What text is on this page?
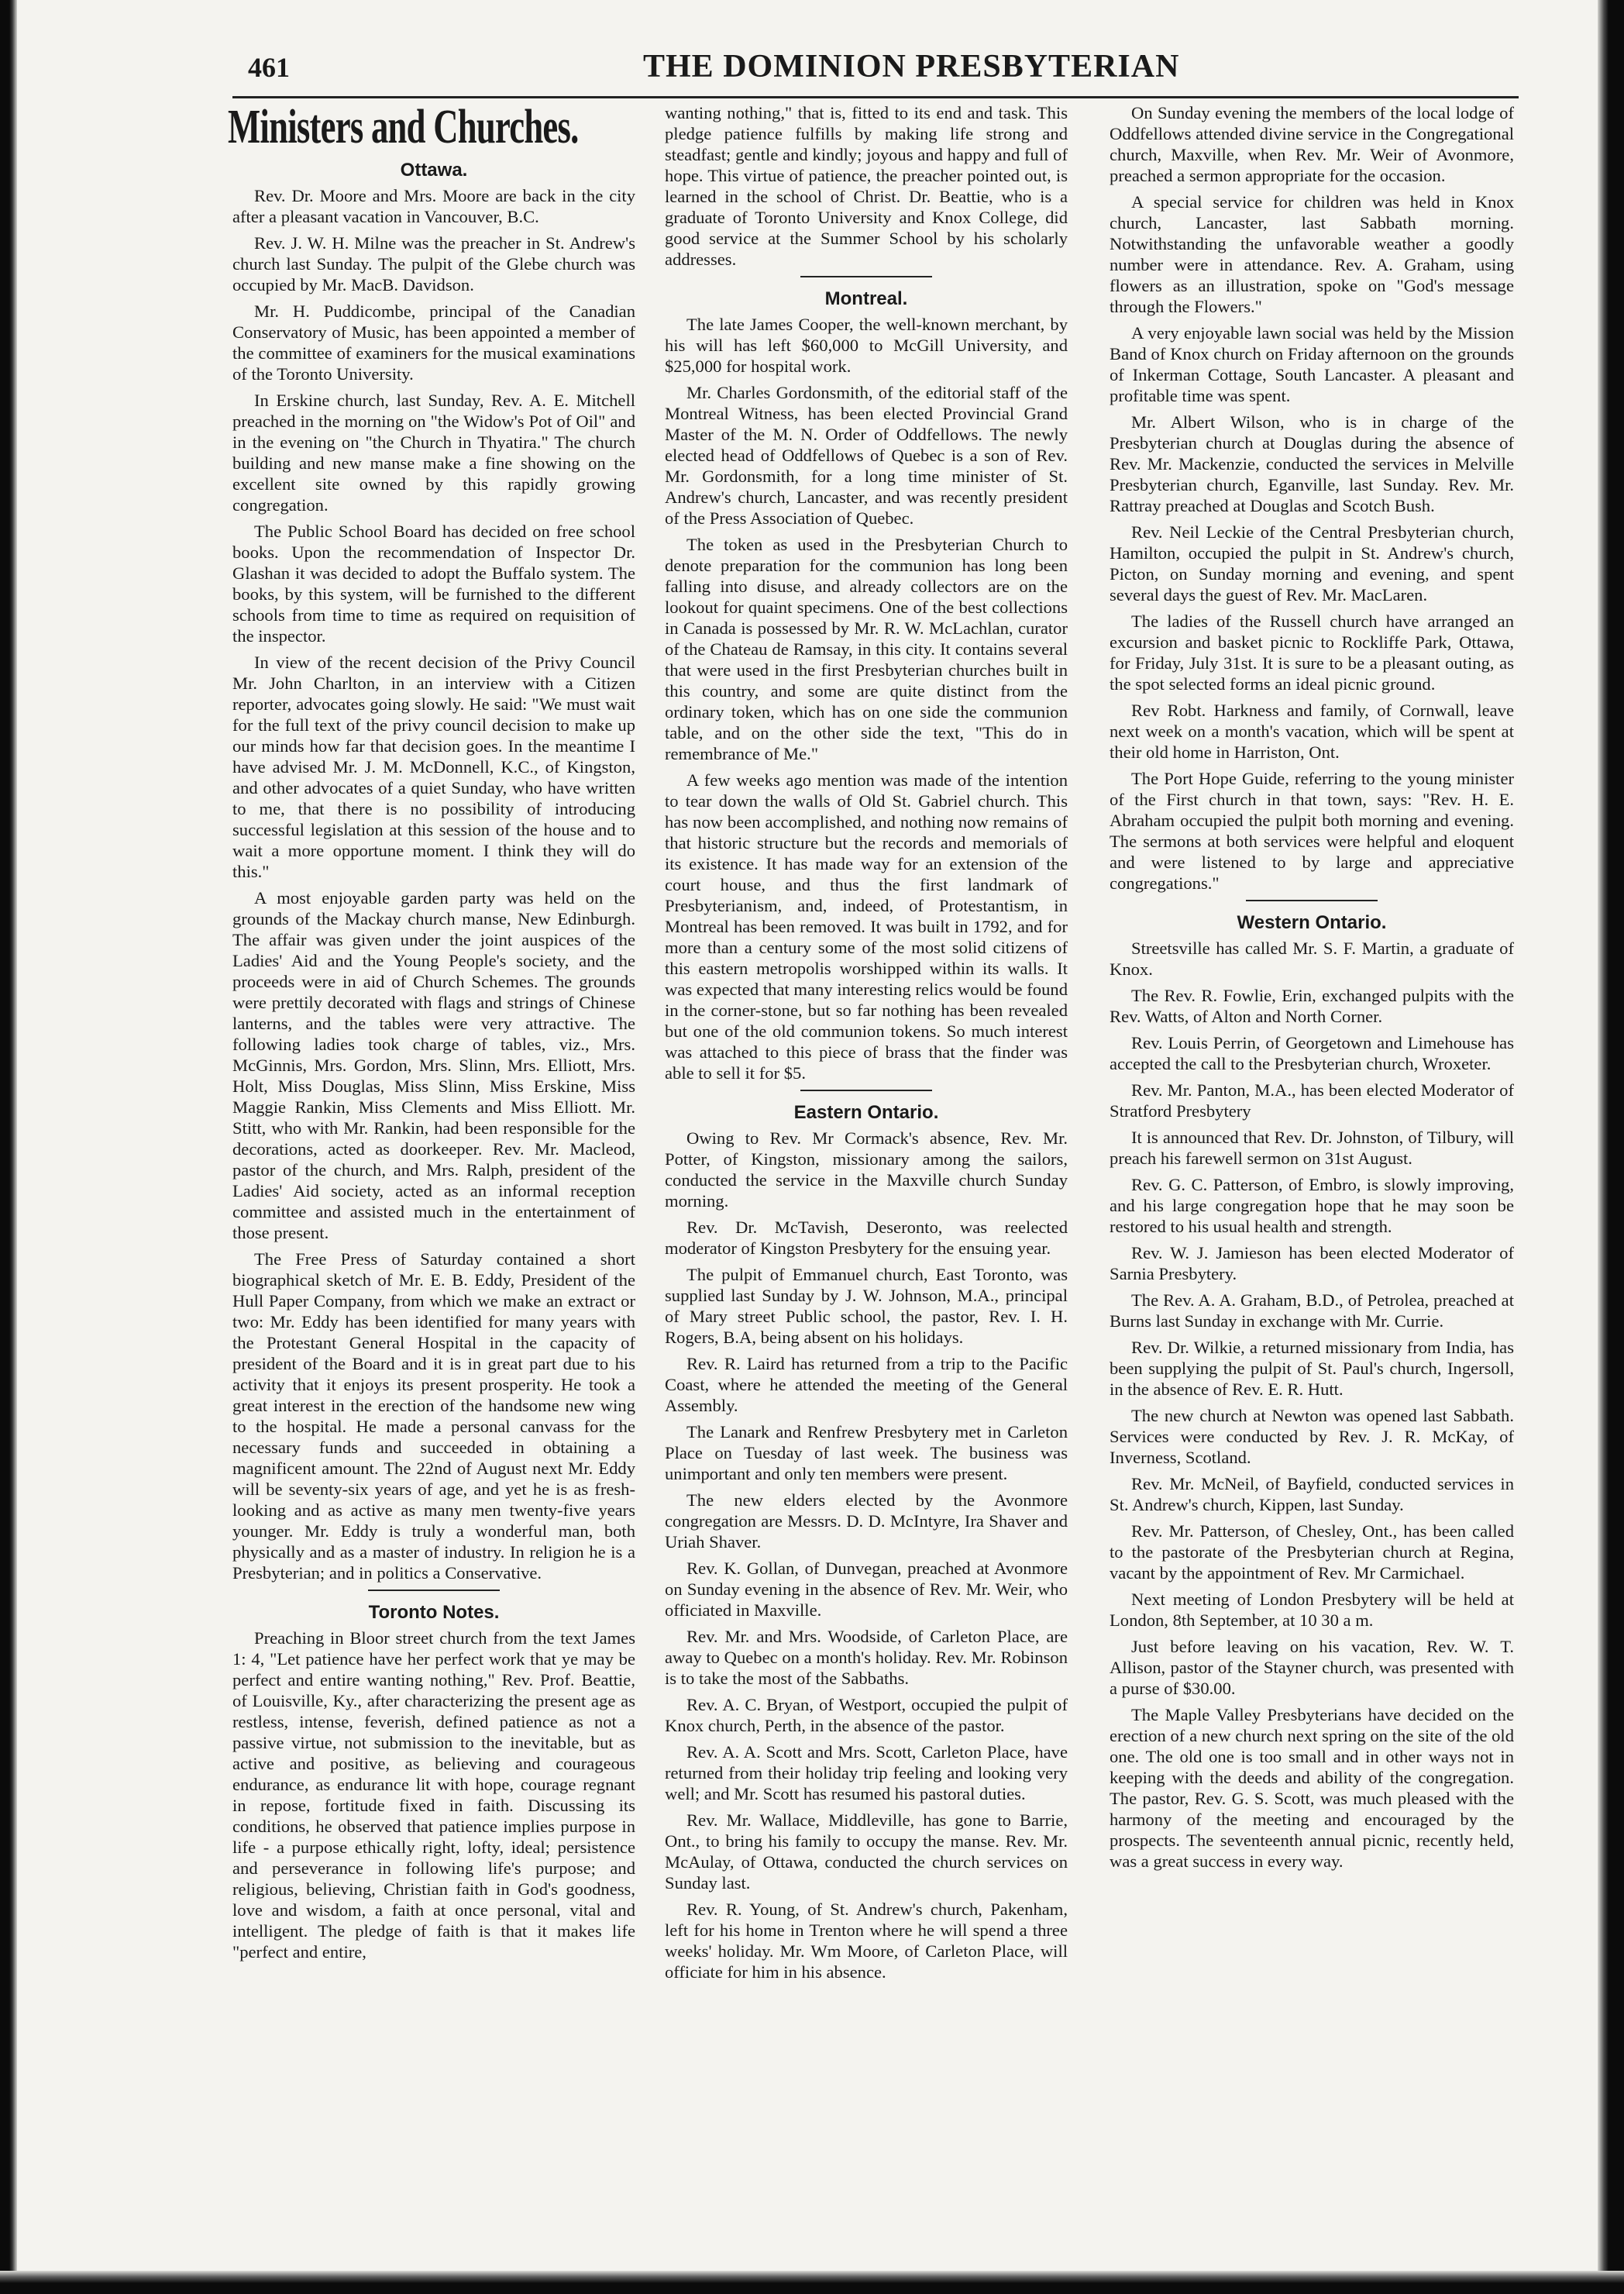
461	THE DOMINION PRESBYTERIAN
Ministers and Churches.
Ottawa.

Rev. Dr. Moore and Mrs. Moore are back in the city after a pleasant vacation in Vancouver, B.C.

Rev. J. W. H. Milne was the preacher in St. Andrew's church last Sunday. The pulpit of the Glebe church was occupied by Mr. MacB. Davidson.

Mr. H. Puddicombe, principal of the Canadian Conservatory of Music, has been appointed a member of the committee of examiners for the musical examinations of the Toronto University.

In Erskine church, last Sunday, Rev. A. E. Mitchell preached in the morning on "the Widow's Pot of Oil" and in the evening on "the Church in Thyatira." The church building and new manse make a fine showing on the excellent site owned by this rapidly growing congregation.

The Public School Board has decided on free school books. Upon the recommendation of Inspector Dr. Glashan it was decided to adopt the Buffalo system. The books, by this system, will be furnished to the different schools from time to time as required on requisition of the inspector.

In view of the recent decision of the Privy Council Mr. John Charlton, in an interview with a Citizen reporter, advocates going slowly. He said: "We must wait for the full text of the privy council decision to make up our minds how far that decision goes. In the meantime I have advised Mr. J. M. McDonnell, K.C., of Kingston, and other advocates of a quiet Sunday, who have written to me, that there is no possibility of introducing successful legislation at this session of the house and to wait a more opportune moment. I think they will do this."

A most enjoyable garden party was held on the grounds of the Mackay church manse, New Edinburgh. The affair was given under the joint auspices of the Ladies' Aid and the Young People's society, and the proceeds were in aid of Church Schemes. The grounds were prettily decorated with flags and strings of Chinese lanterns, and the tables were very attractive. The following ladies took charge of tables, viz., Mrs. McGinnis, Mrs. Gordon, Mrs. Slinn, Mrs. Elliott, Mrs. Holt, Miss Douglas, Miss Slinn, Miss Erskine, Miss Maggie Rankin, Miss Clements and Miss Elliott. Mr. Stitt, who with Mr. Rankin, had been responsible for the decorations, acted as doorkeeper. Rev. Mr. Macleod, pastor of the church, and Mrs. Ralph, president of the Ladies' Aid society, acted as an informal reception committee and assisted much in the entertainment of those present.

The Free Press of Saturday contained a short biographical sketch of Mr. E. B. Eddy, President of the Hull Paper Company, from which we make an extract or two: Mr. Eddy has been identified for many years with the Protestant General Hospital in the capacity of president of the Board and it is in great part due to his activity that it enjoys its present prosperity. He took a great interest in the erection of the handsome new wing to the hospital. He made a personal canvass for the necessary funds and succeeded in obtaining a magnificent amount. The 22nd of August next Mr. Eddy will be seventy-six years of age, and yet he is as fresh-looking and as active as many men twenty-five years younger. Mr. Eddy is truly a wonderful man, both physically and as a master of industry. In religion he is a Presbyterian; and in politics a Conservative.

Toronto Notes.

Preaching in Bloor street church from the text James 1: 4, "Let patience have her perfect work that ye may be perfect and entire wanting nothing," Rev. Prof. Beattie, of Louisville, Ky., after characterizing the present age as restless, intense, feverish, defined patience as not a passive virtue, not submission to the inevitable, but as active and positive, as believing and courageous endurance, as endurance lit with hope, courage regnant in repose, fortitude fixed in faith. Discussing its conditions, he observed that patience implies purpose in life - a purpose ethically right, lofty, ideal; persistence and perseverance in following life's purpose; and religious, believing, Christian faith in God's goodness, love and wisdom, a faith at once personal, vital and intelligent. The pledge of faith is that it makes life "perfect and entire,

wanting nothing," that is, fitted to its end and task. This pledge patience fulfills by making life strong and steadfast; gentle and kindly; joyous and happy and full of hope. This virtue of patience, the preacher pointed out, is learned in the school of Christ. Dr. Beattie, who is a graduate of Toronto University and Knox College, did good service at the Summer School by his scholarly addresses.

Montreal.

The late James Cooper, the well-known merchant, by his will has left $60,000 to McGill University, and $25,000 for hospital work.

Mr. Charles Gordonsmith, of the editorial staff of the Montreal Witness, has been elected Provincial Grand Master of the M. N. Order of Oddfellows. The newly elected head of Oddfellows of Quebec is a son of Rev. Mr. Gordonsmith, for a long time minister of St. Andrew's church, Lancaster, and was recently president of the Press Association of Quebec.

The token as used in the Presbyterian Church to denote preparation for the communion has long been falling into disuse, and already collectors are on the lookout for quaint specimens. One of the best collections in Canada is possessed by Mr. R. W. McLachlan, curator of the Chateau de Ramsay, in this city. It contains several that were used in the first Presbyterian churches built in this country, and some are quite distinct from the ordinary token, which has on one side the communion table, and on the other side the text, "This do in remembrance of Me."

A few weeks ago mention was made of the intention to tear down the walls of Old St. Gabriel church. This has now been accomplished, and nothing now remains of that historic structure but the records and memorials of its existence. It has made way for an extension of the court house, and thus the first landmark of Presbyterianism, and, indeed, of Protestantism, in Montreal has been removed. It was built in 1792, and for more than a century some of the most solid citizens of this eastern metropolis worshipped within its walls. It was expected that many interesting relics would be found in the corner-stone, but so far nothing has been revealed but one of the old communion tokens. So much interest was attached to this piece of brass that the finder was able to sell it for $5.

Eastern Ontario.

Owing to Rev. Mr Cormack's absence, Rev. Mr. Potter, of Kingston, missionary among the sailors, conducted the service in the Maxville church Sunday morning.

Rev. Dr. McTavish, Deseronto, was reelected moderator of Kingston Presbytery for the ensuing year.

The pulpit of Emmanuel church, East Toronto, was supplied last Sunday by J. W. Johnson, M.A., principal of Mary street Public school, the pastor, Rev. I. H. Rogers, B.A, being absent on his holidays.

Rev. R. Laird has returned from a trip to the Pacific Coast, where he attended the meeting of the General Assembly.

The Lanark and Renfrew Presbytery met in Carleton Place on Tuesday of last week. The business was unimportant and only ten members were present.

The new elders elected by the Avonmore congregation are Messrs. D. D. McIntyre, Ira Shaver and Uriah Shaver.

Rev. K. Gollan, of Dunvegan, preached at Avonmore on Sunday evening in the absence of Rev. Mr. Weir, who officiated in Maxville.

Rev. Mr. and Mrs. Woodside, of Carleton Place, are away to Quebec on a month's holiday. Rev. Mr. Robinson is to take the most of the Sabbaths.

Rev. A. C. Bryan, of Westport, occupied the pulpit of Knox church, Perth, in the absence of the pastor.

Rev. A. A. Scott and Mrs. Scott, Carleton Place, have returned from their holiday trip feeling and looking very well; and Mr. Scott has resumed his pastoral duties.

Rev. Mr. Wallace, Middleville, has gone to Barrie, Ont., to bring his family to occupy the manse. Rev. Mr. McAulay, of Ottawa, conducted the church services on Sunday last.

Rev. R. Young, of St. Andrew's church, Pakenham, left for his home in Trenton where he will spend a three weeks' holiday. Mr. Wm Moore, of Carleton Place, will officiate for him in his absence.

On Sunday evening the members of the local lodge of Oddfellows attended divine service in the Congregational church, Maxville, when Rev. Mr. Weir of Avonmore, preached a sermon appropriate for the occasion.

A special service for children was held in Knox church, Lancaster, last Sabbath morning. Notwithstanding the unfavorable weather a goodly number were in attendance. Rev. A. Graham, using flowers as an illustration, spoke on "God's message through the Flowers."

A very enjoyable lawn social was held by the Mission Band of Knox church on Friday afternoon on the grounds of Inkerman Cottage, South Lancaster. A pleasant and profitable time was spent.

Mr. Albert Wilson, who is in charge of the Presbyterian church at Douglas during the absence of Rev. Mr. Mackenzie, conducted the services in Melville Presbyterian church, Eganville, last Sunday. Rev. Mr. Rattray preached at Douglas and Scotch Bush.

Rev. Neil Leckie of the Central Presbyterian church, Hamilton, occupied the pulpit in St. Andrew's church, Picton, on Sunday morning and evening, and spent several days the guest of Rev. Mr. MacLaren.

The ladies of the Russell church have arranged an excursion and basket picnic to Rockliffe Park, Ottawa, for Friday, July 31st. It is sure to be a pleasant outing, as the spot selected forms an ideal picnic ground.

Rev Robt. Harkness and family, of Cornwall, leave next week on a month's vacation, which will be spent at their old home in Harriston, Ont.

The Port Hope Guide, referring to the young minister of the First church in that town, says: "Rev. H. E. Abraham occupied the pulpit both morning and evening. The sermons at both services were helpful and eloquent and were listened to by large and appreciative congregations."

Western Ontario.

Streetsville has called Mr. S. F. Martin, a graduate of Knox.

The Rev. R. Fowlie, Erin, exchanged pulpits with the Rev. Watts, of Alton and North Corner.

Rev. Louis Perrin, of Georgetown and Limehouse has accepted the call to the Presbyterian church, Wroxeter.

Rev. Mr. Panton, M.A., has been elected Moderator of Stratford Presbytery

It is announced that Rev. Dr. Johnston, of Tilbury, will preach his farewell sermon on 31st August.

Rev. G. C. Patterson, of Embro, is slowly improving, and his large congregation hope that he may soon be restored to his usual health and strength.

Rev. W. J. Jamieson has been elected Moderator of Sarnia Presbytery.

The Rev. A. A. Graham, B.D., of Petrolea, preached at Burns last Sunday in exchange with Mr. Currie.

Rev. Dr. Wilkie, a returned missionary from India, has been supplying the pulpit of St. Paul's church, Ingersoll, in the absence of Rev. E. R. Hutt.

The new church at Newton was opened last Sabbath. Services were conducted by Rev. J. R. McKay, of Inverness, Scotland.

Rev. Mr. McNeil, of Bayfield, conducted services in St. Andrew's church, Kippen, last Sunday.

Rev. Mr. Patterson, of Chesley, Ont., has been called to the pastorate of the Presbyterian church at Regina, vacant by the appointment of Rev. Mr Carmichael.

Next meeting of London Presbytery will be held at London, 8th September, at 10 30 a m.

Just before leaving on his vacation, Rev. W. T. Allison, pastor of the Stayner church, was presented with a purse of $30.00.

The Maple Valley Presbyterians have decided on the erection of a new church next spring on the site of the old one. The old one is too small and in other ways not in keeping with the deeds and ability of the congregation. The pastor, Rev. G. S. Scott, was much pleased with the harmony of the meeting and encouraged by the prospects. The seventeenth annual picnic, recently held, was a great success in every way.
